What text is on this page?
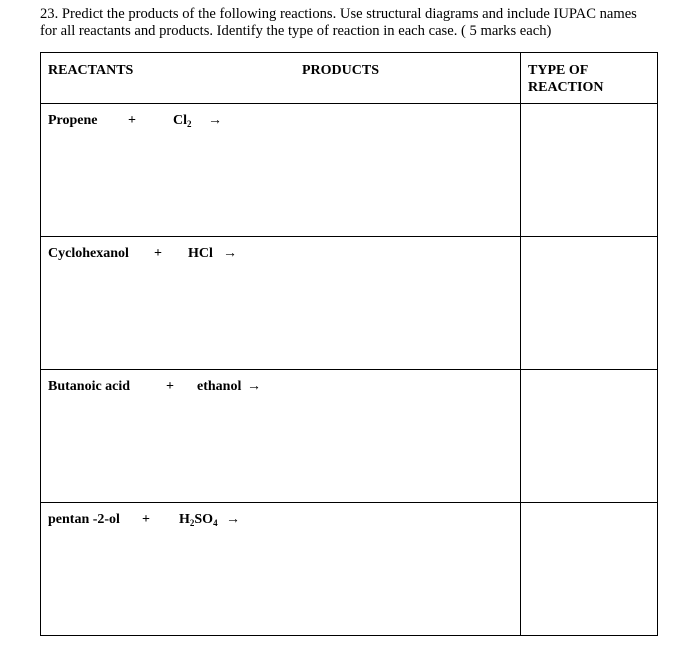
23. Predict the products of the following reactions. Use structural diagrams and include IUPAC names

for all reactants and products. Identify the type of reaction in each case. ( 5 marks each)

REACTANTS PRODUCTS	TYPE OF
REACTION

Propene + $Cl_2$ →	

Cyclohexanol + HCl →	

Butanoic acid + ethanol →	

pentan $-2-ol + H_2SO_4$ →	
